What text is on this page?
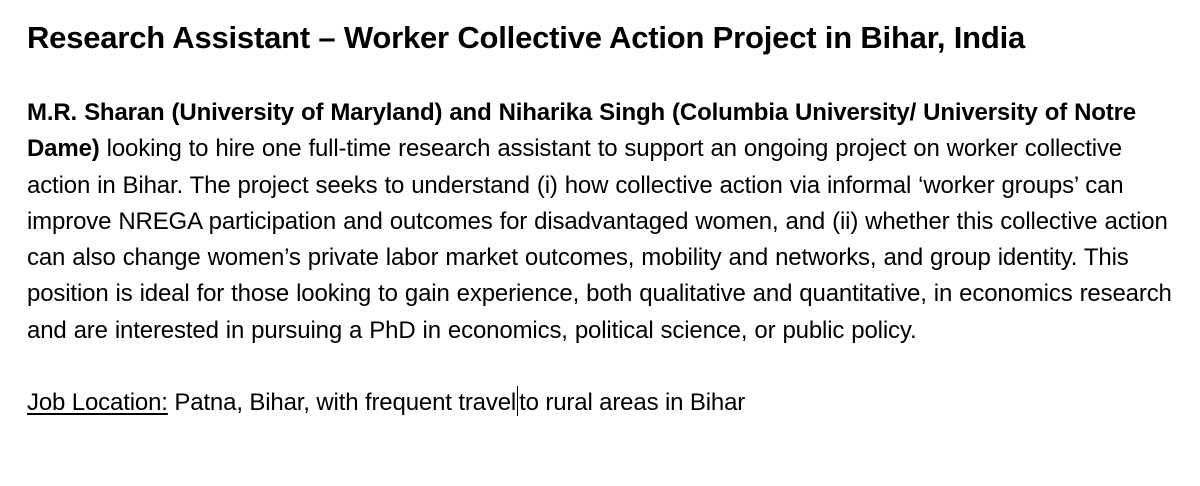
Research Assistant – Worker Collective Action Project in Bihar, India
M.R. Sharan (University of Maryland) and Niharika Singh (Columbia University/ University of Notre Dame) looking to hire one full-time research assistant to support an ongoing project on worker collective action in Bihar. The project seeks to understand (i) how collective action via informal ‘worker groups’ can improve NREGA participation and outcomes for disadvantaged women, and (ii) whether this collective action can also change women’s private labor market outcomes, mobility and networks, and group identity. This position is ideal for those looking to gain experience, both qualitative and quantitative, in economics research and are interested in pursuing a PhD in economics, political science, or public policy.
Job Location: Patna, Bihar, with frequent travel to rural areas in Bihar
